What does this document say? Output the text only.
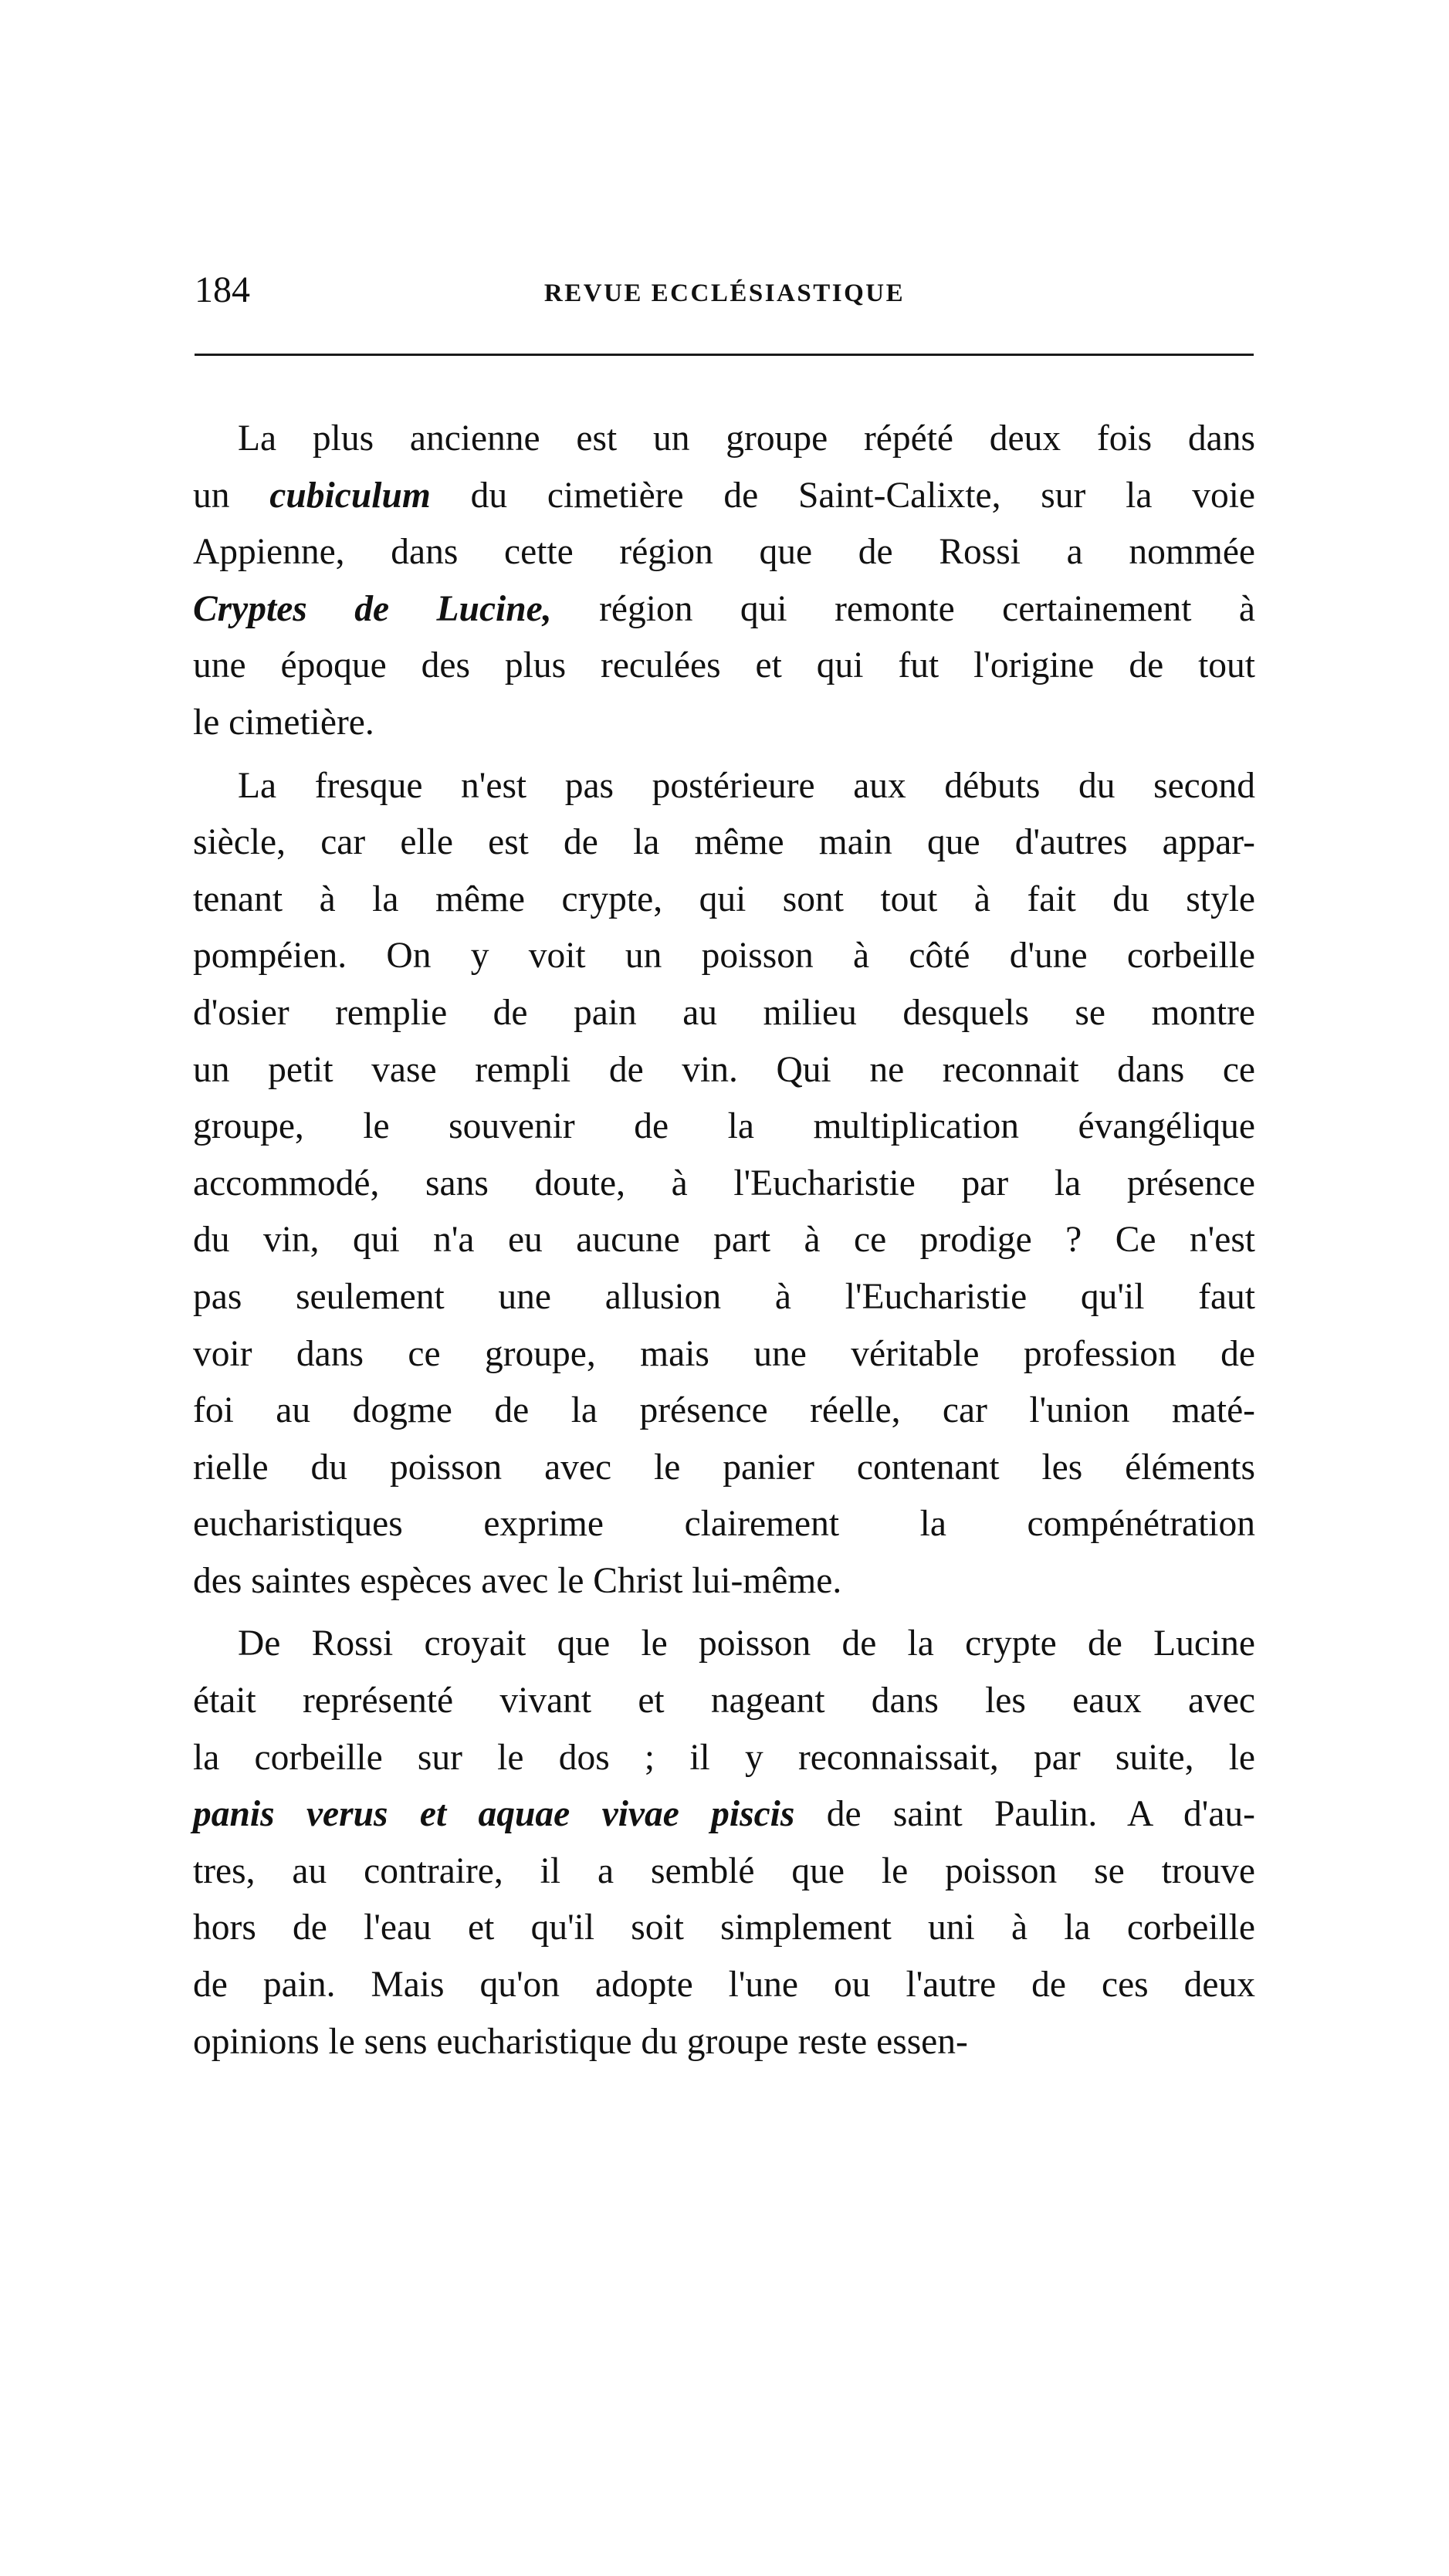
184	REVUE ECCLÉSIASTIQUE
La plus ancienne est un groupe répété deux fois dans
un cubiculum du cimetière de Saint-Calixte, sur la voie
Appienne, dans cette région que de Rossi a nommée
Cryptes de Lucine, région qui remonte certainement à
une époque des plus reculées et qui fut l'origine de tout
le cimetière.
La fresque n'est pas postérieure aux débuts du second
siècle, car elle est de la même main que d'autres appar-
tenant à la même crypte, qui sont tout à fait du style
pompéien. On y voit un poisson à côté d'une corbeille
d'osier remplie de pain au milieu desquels se montre
un petit vase rempli de vin. Qui ne reconnait dans ce
groupe, le souvenir de la multiplication évangélique
accommodé, sans doute, à l'Eucharistie par la présence
du vin, qui n'a eu aucune part à ce prodige ? Ce n'est
pas seulement une allusion à l'Eucharistie qu'il faut
voir dans ce groupe, mais une véritable profession de
foi au dogme de la présence réelle, car l'union maté-
rielle du poisson avec le panier contenant les éléments
eucharistiques exprime clairement la compénétration
des saintes espèces avec le Christ lui-même.
De Rossi croyait que le poisson de la crypte de Lucine
était représenté vivant et nageant dans les eaux avec
la corbeille sur le dos ; il y reconnaissait, par suite, le
panis verus et aquae vivae piscis de saint Paulin. A d'au-
tres, au contraire, il a semblé que le poisson se trouve
hors de l'eau et qu'il soit simplement uni à la corbeille
de pain. Mais qu'on adopte l'une ou l'autre de ces deux
opinions le sens eucharistique du groupe reste essen-
